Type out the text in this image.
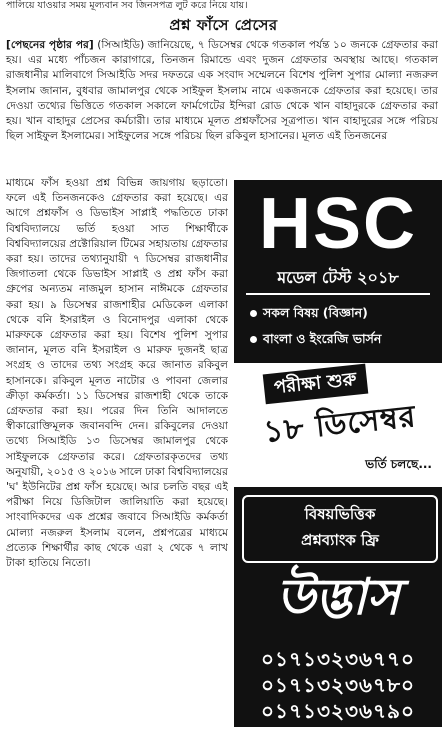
পালিয়ে যাওয়ার সময় মূল্যবান সব জিনসপত্র লুট করে নিয়ে যায়।
প্রশ্ন ফাঁসে প্রেসের

[পেছনের পৃষ্ঠার পর] (সিআইডি) জানিয়েছে, ৭ ডিসেম্বর থেকে গতকাল পর্যন্ত ১০ জনকে গ্রেফতার করা হয়। এর মধ্যে পাঁচজন কারাগারে, তিনজন রিমান্ডে এবং দুজন গ্রেফতার অবস্থায় আছে। গতকাল রাজধানীর মালিবাগে সিআইডি সদর দফতরে এক সংবাদ সম্মেলনে বিশেষ পুলিশ সুপার মোল্যা নজরুল ইসলাম জানান, বুধবার জামালপুর থেকে সাইফুল ইসলাম নামে একজনকে গ্রেফতার করা হয়েছে। তার দেওয়া তথ্যের ভিত্তিতে গতকাল সকালে ফার্মগেটের ইন্দিরা রোড থেকে খান বাহাদুরকে গ্রেফতার করা হয়। খান বাহাদুর প্রেসের কর্মচারী। তার মাধ্যমে মূলত প্রশ্নফাঁসের সূত্রপাত। খান বাহাদুরের সঙ্গে পরিচয় ছিল সাইফুল ইসলামের। সাইফুলের সঙ্গে পরিচয় ছিল রকিবুল হাসানের। মূলত এই তিনজনের

মাধ্যমে ফাঁস হওয়া প্রশ্ন বিভিন্ন জায়গায় ছড়াতো। ফলে এই তিনজনকেও গ্রেফতার করা হয়েছে। এর আগে প্রশ্নফাঁস ও ডিভাইস সাপ্লাই পদ্ধতিতে ঢাকা বিশ্ববিদ্যালয়ে ভর্তি হওয়া সাত শিক্ষার্থীকে বিশ্ববিদ্যালয়ের প্রক্টোরিয়াল টিমের সহায়তায় গ্রেফতার করা হয়। তাদের তথ্যানুযায়ী ৭ ডিসেম্বর রাজধানীর জিগাতলা থেকে ডিভাইস সাপ্লাই ও প্রশ্ন ফাঁস করা গ্রুপের অন্যতম নাজমুল হাসান নাঈমকে গ্রেফতার করা হয়। ৯ ডিসেম্বর রাজশাহীর মেডিকেল এলাকা থেকে বনি ইসরাইল ও বিনোদপুর এলাকা থেকে মারুফকে গ্রেফতার করা হয়। বিশেষ পুলিশ সুপার জানান, মূলত বনি ইসরাইল ও মারুফ দুজনই ছাত্র সংগ্রহ ও তাদের তথ্য সংগ্রহ করে জানাত রকিবুল হাসানকে। রকিবুল মূলত নাটোর ও পাবনা জেলার ক্রীড়া কর্মকর্তা। ১১ ডিসেম্বর রাজশাহী থেকে তাকে গ্রেফতার করা হয়। পরের দিন তিনি আদালতে স্বীকারোক্তিমূলক জবানবন্দি দেন। রকিবুলের দেওয়া তথ্যে সিআইডি ১৩ ডিসেম্বর জামালপুর থেকে সাইফুলকে গ্রেফতার করে। গ্রেফতারকৃতদের তথ্য অনুযায়ী, ২০১৫ ও ২০১৬ সালে ঢাকা বিশ্ববিদ্যালয়ের 'ঘ' ইউনিটের প্রশ্ন ফাঁস হয়েছে। আর চলতি বছর এই পরীক্ষা নিয়ে ডিজিটাল জালিয়াতি করা হয়েছে। সাংবাদিকদের এক প্রশ্নের জবাবে সিআইডি কর্মকর্তা মোল্যা নজরুল ইসলাম বলেন, প্রশ্নপত্রের মাধ্যমে প্রত্যেক শিক্ষার্থীর কাছ থেকে এরা ২ থেকে ৭ লাখ টাকা হাতিয়ে নিতো।

HSC
মডেল টেস্ট ২০১৮
সকল বিষয় (বিজ্ঞান)
বাংলা ও ইংরেজি ভার্সন
পরীক্ষা শুরু
১৮ ডিসেম্বর
ভর্তি চলছে...
বিষয়ভিত্তিক
প্রশ্নব্যাংক ফ্রি
উদ্ভাস
০১৭১৩২৩৬৭৭০
০১৭১৩২৩৬৭৮০
০১৭১৩২৩৬৭৯০
